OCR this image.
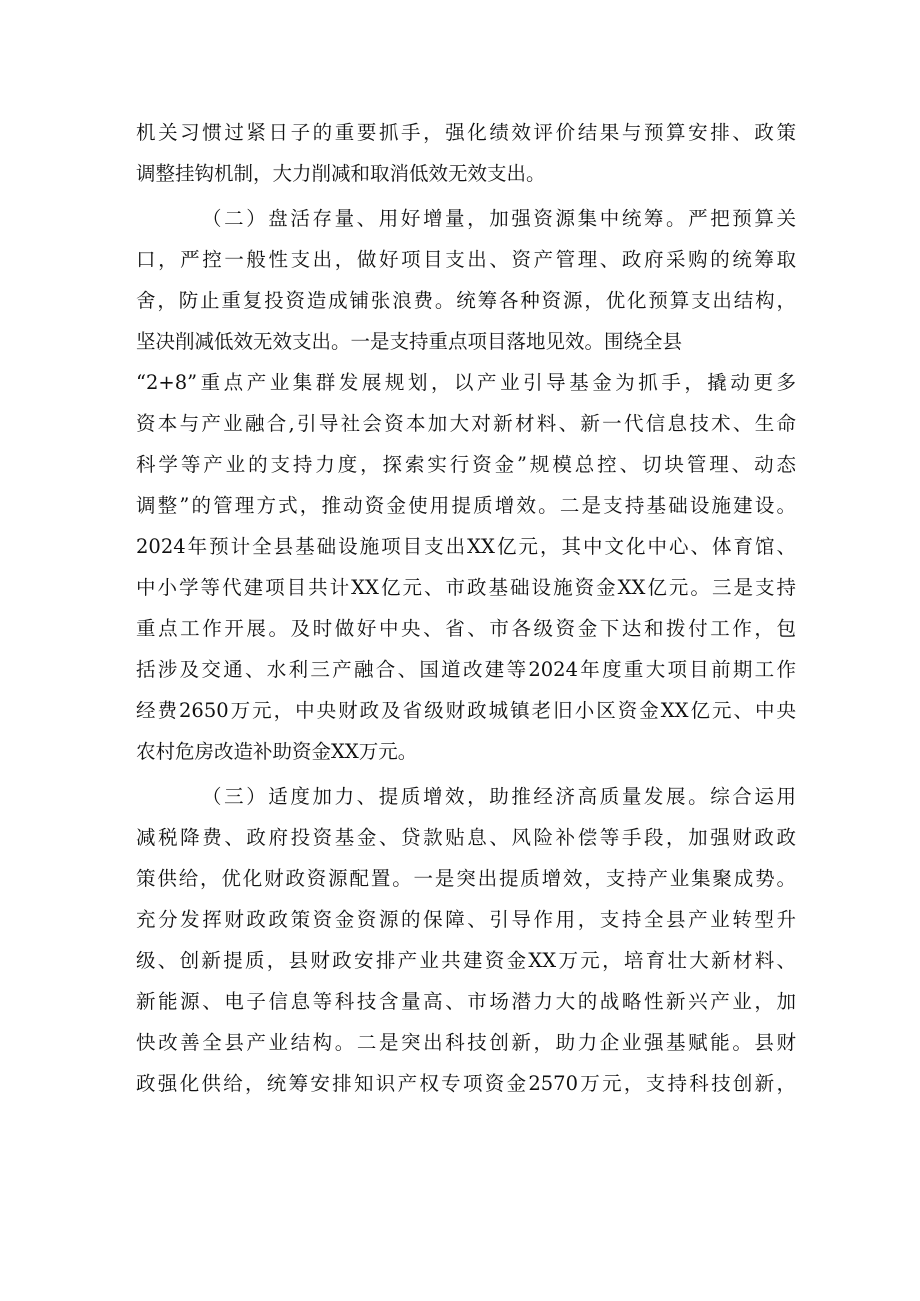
机关习惯过紧日子的重要抓手，强化绩效评价结果与预算安排、政策
调整挂钩机制，大力削减和取消低效无效支出。
（二）盘活存量、用好增量，加强资源集中统筹。严把预算关
口，严控一般性支出，做好项目支出、资产管理、政府采购的统筹取
舍，防止重复投资造成铺张浪费。统筹各种资源，优化预算支出结构，
坚决削减低效无效支出。一是支持重点项目落地见效。围绕全县
“2+8”重点产业集群发展规划，以产业引导基金为抓手，撬动更多
资本与产业融合,引导社会资本加大对新材料、新一代信息技术、生命
科学等产业的支持力度，探索实行资金”规模总控、切块管理、动态
调整”的管理方式，推动资金使用提质增效。二是支持基础设施建设。
2024年预计全县基础设施项目支出XX亿元，其中文化中心、体育馆、
中小学等代建项目共计XX亿元、市政基础设施资金XX亿元。三是支持
重点工作开展。及时做好中央、省、市各级资金下达和拨付工作，包
括涉及交通、水利三产融合、国道改建等2024年度重大项目前期工作
经费2650万元，中央财政及省级财政城镇老旧小区资金XX亿元、中央
农村危房改造补助资金XX万元。
（三）适度加力、提质增效，助推经济高质量发展。综合运用
减税降费、政府投资基金、贷款贴息、风险补偿等手段，加强财政政
策供给，优化财政资源配置。一是突出提质增效，支持产业集聚成势。
充分发挥财政政策资金资源的保障、引导作用，支持全县产业转型升
级、创新提质，县财政安排产业共建资金XX万元，培育壮大新材料、
新能源、电子信息等科技含量高、市场潜力大的战略性新兴产业，加
快改善全县产业结构。二是突出科技创新，助力企业强基赋能。县财
政强化供给，统筹安排知识产权专项资金2570万元，支持科技创新，
